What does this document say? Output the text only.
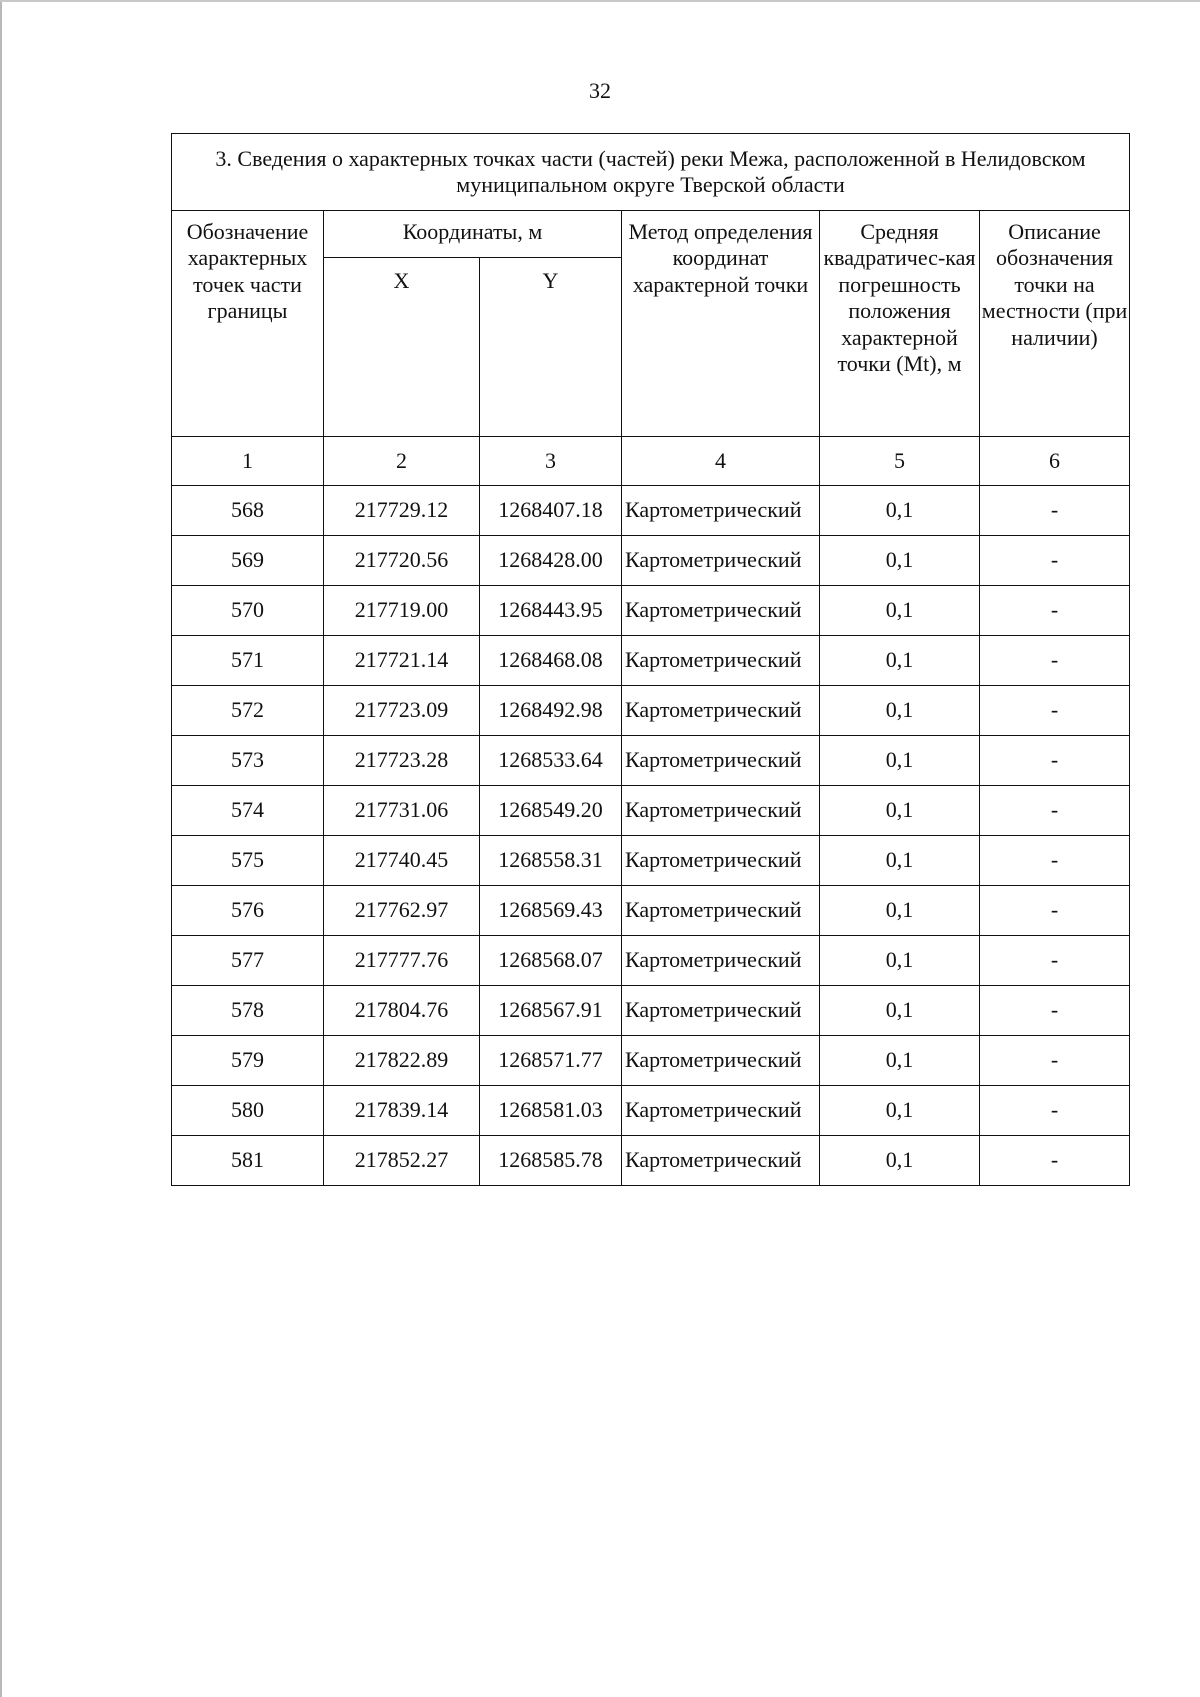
32
3. Сведения о характерных точках части (частей) реки Межа, расположенной в Нелидовском муниципальном округе Тверской области					
Обозначение характерных точек части границы	Координаты, м		Метод определения координат характерной точки	Средняя квадратичес-кая погрешность положения характерной точки (Mt), м	Описание обозначения точки на местности (при наличии)
	X	Y			
1	2	3	4	5	6
568	217729.12	1268407.18	Картометрический	0,1	-
569	217720.56	1268428.00	Картометрический	0,1	-
570	217719.00	1268443.95	Картометрический	0,1	-
571	217721.14	1268468.08	Картометрический	0,1	-
572	217723.09	1268492.98	Картометрический	0,1	-
573	217723.28	1268533.64	Картометрический	0,1	-
574	217731.06	1268549.20	Картометрический	0,1	-
575	217740.45	1268558.31	Картометрический	0,1	-
576	217762.97	1268569.43	Картометрический	0,1	-
577	217777.76	1268568.07	Картометрический	0,1	-
578	217804.76	1268567.91	Картометрический	0,1	-
579	217822.89	1268571.77	Картометрический	0,1	-
580	217839.14	1268581.03	Картометрический	0,1	-
581	217852.27	1268585.78	Картометрический	0,1	-
